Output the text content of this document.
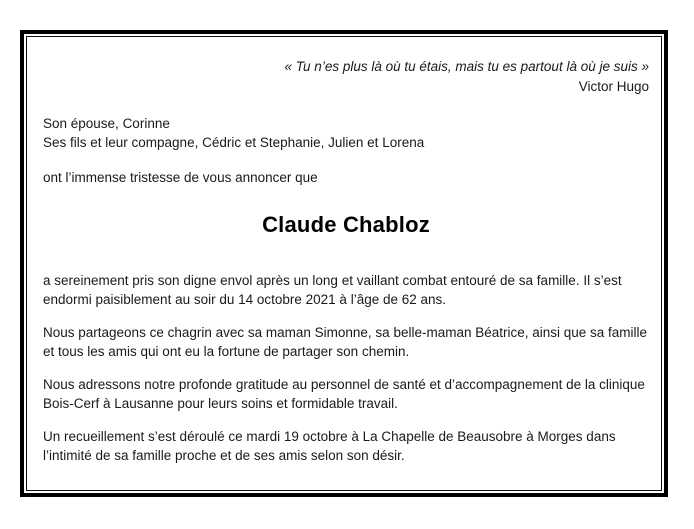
« Tu n’es plus là où tu étais, mais tu es partout là où je suis »

Victor Hugo

Son épouse, Corinne

Ses fils et leur compagne, Cédric et Stephanie, Julien et Lorena

ont l’immense tristesse de vous annoncer que

Claude Chabloz

a sereinement pris son digne envol après un long et vaillant combat entouré de sa famille. Il s’est endormi paisiblement au soir du 14 octobre 2021 à l’âge de 62 ans.

Nous partageons ce chagrin avec sa maman Simonne, sa belle-maman Béatrice, ainsi que sa famille et tous les amis qui ont eu la fortune de partager son chemin.

Nous adressons notre profonde gratitude au personnel de santé et d’accompagnement de la clinique Bois-Cerf à Lausanne pour leurs soins et formidable travail.

Un recueillement s’est déroulé ce mardi 19 octobre à La Chapelle de Beausobre à Morges dans l’intimité de sa famille proche et de ses amis selon son désir.
